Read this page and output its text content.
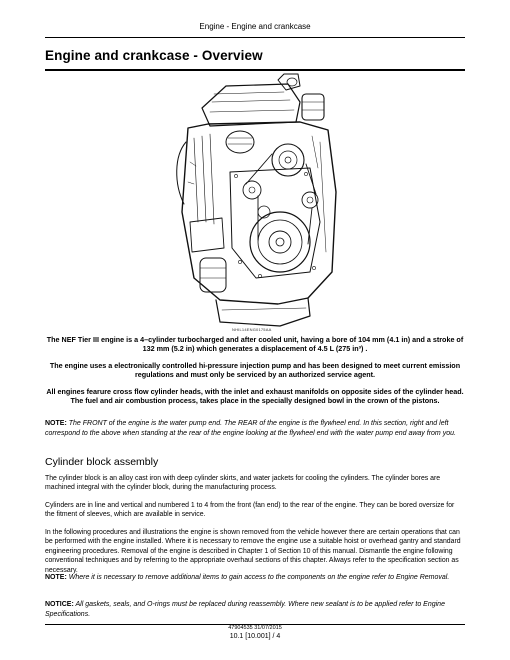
Engine - Engine and crankcase
Engine and crankcase - Overview
NHIL14ENG0175AA

The NEF Tier III engine is a 4–cylinder turbocharged and after cooled unit, having a bore of 104 mm (4.1 in) and a stroke of 132 mm (5.2 in) which generates a displacement of 4.5 L (275 in³) .

The engine uses a electronically controlled hi-pressure injection pump and has been designed to meet current emission regulations and must only be serviced by an authorized service agent.

All engines fearure cross flow cylinder heads, with the inlet and exhaust manifolds on opposite sides of the cylinder head. The fuel and air combustion process, takes place in the specially designed bowl in the crown of the pistons.

NOTE: The FRONT of the engine is the water pump end. The REAR of the engine is the flywheel end. In this section, right and left correspond to the above when standing at the rear of the engine looking at the flywheel end with the water pump end away from you.

Cylinder block assembly

The cylinder block is an alloy cast iron with deep cylinder skirts, and water jackets for cooling the cylinders. The cylinder bores are machined integral with the cylinder block, during the manufacturing process.

Cylinders are in line and vertical and numbered 1 to 4 from the front (fan end) to the rear of the engine. They can be bored oversize for the fitment of sleeves, which are available in service.

In the following procedures and illustrations the engine is shown removed from the vehicle however there are certain operations that can be performed with the engine installed. Where it is necessary to remove the engine use a suitable hoist or overhead gantry and standard engineering procedures. Removal of the engine is described in Chapter 1 of Section 10 of this manual. Dismantle the engine following conventional techniques and by referring to the appropriate overhaul sections of this chapter. Always refer to the specification section as necessary.

NOTE: Where it is necessary to remove additional items to gain access to the components on the engine refer to Engine Removal.

NOTICE: All gaskets, seals, and O-rings must be replaced during reassembly. Where new sealant is to be applied refer to Engine Specifications.

47904535 31/07/2015
10.1 [10.001] / 4
